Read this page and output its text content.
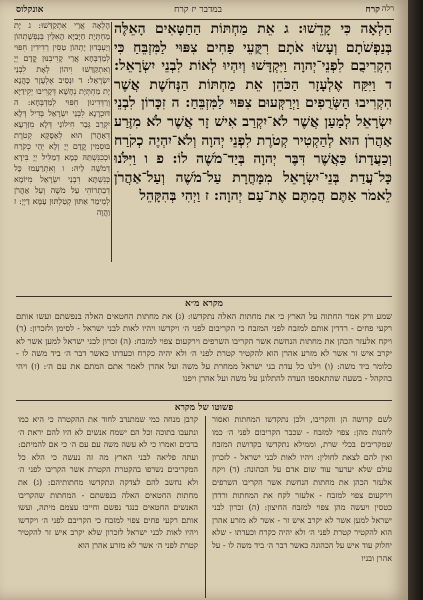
אונקלוס	במדבר יז קרח	קרח רלה
הָלְאָה אֲרֵי אִתְקַדַּשׁוּ: ג יָת מַחְתְּיָת חַיָּבַיָּא הָאִלֵּין בְּנַפְשָׁתְהוֹן וְיַעְבְּדוּן יָתְהוֹן טַסִּין רְדִידִין חִפּוּי לְמַדְבְּחָא אֲרֵי קָרִיבִנּוּן קֳדָם יְיָ וְאִתְקַדַּשׁוּ וִיהוֹן לְאָת לִבְנֵי יִשְׂרָאֵל: ד וּנְסֵיב אֶלְעָזָר כָּהֲנָא יָת מַחְתְּיָת נְחָשָׁא דְּקָרִיבוּ יְקִידַיָּא וְרַדְּדִינוּן חִפּוּי לְמַדְבְּחָא: ה דּוּכְרָנָא לִבְנֵי יִשְׂרָאֵל בְּדִיל דְּלָא יִקְרַב גְּבַר חִילוֹנַי דְּלָא מִזַּרְעָא דְאַהֲרֹן הוּא לְאַסָּקָא קְטֹרֶת בּוּסְמִין קֳדָם יְיָ וְלָא יְהֵי כְקֹרַח וּכְכִנִּשְׁתֵּהּ כְּמָא דְמַלִּיל יְיָ בִּידָא דְמֹשֶׁה לֵיהּ: ו וְאִתְרַעַמוּ כָּל כְּנִשְׁתָּא דִבְנֵי יִשְׂרָאֵל מִיּוֹמָא דְבַתְרוֹהִי עַל מֹשֶׁה וְעַל אַהֲרֹן לְמֵימַר אַתּוּן קְטַלְתּוּן עַמָּא דַיְיָ: ז וַהֲוָה
הַלְאָה כִּי קָדֵשׁוּ: ג אֵת מַחְתּוֹת הַחַטָּאִים הָאֵלֶּה בְּנַפְשֹׁתָם וְעָשׂוּ אֹתָם רִקֻּעֵי פַחִים צִפּוּי לַמִּזְבֵּחַ כִּי הִקְרִיבֻם לִפְנֵי־יְהוָה וַיִּקְדָּשׁוּ וְיִהְיוּ לְאוֹת לִבְנֵי יִשְׂרָאֵל: ד וַיִּקַּח אֶלְעָזָר הַכֹּהֵן אֵת מַחְתּוֹת הַנְּחֹשֶׁת אֲשֶׁר הִקְרִיבוּ הַשְּׂרֻפִים וַיְרַקְּעוּם צִפּוּי לַמִּזְבֵּחַ: ה זִכָּרוֹן לִבְנֵי יִשְׂרָאֵל לְמַעַן אֲשֶׁר לֹא־יִקְרַב אִישׁ זָר אֲשֶׁר לֹא מִזֶּרַע אַהֲרֹן הוּא לְהַקְטִיר קְטֹרֶת לִפְנֵי יְהוָה וְלֹא־יִהְיֶה כְקֹרַח וְכַעֲדָתוֹ כַּאֲשֶׁר דִּבֶּר יְהוָה בְּיַד־מֹשֶׁה לוֹ: פ ו וַיִּלֹּנוּ כָּל־עֲדַת בְּנֵי־יִשְׂרָאֵל מִמָּחֳרָת עַל־מֹשֶׁה וְעַל־אַהֲרֹן לֵאמֹר אַתֶּם הֲמִתֶּם אֶת־עַם יְהוָה: ז וַיְהִי בְּהִקָּהֵל
מקרא מ״א
שמע ורק אמר החתוה על הארץ כי את מחתות האלה נתקדשו: (ג) את מחתות החטאים האלה בנפשתם ועשו אותם רקעי פחים - רדדין אותם למזבח לפני המזבח כי הקריבום לפני ה׳ ויקדשו ויהיו לאות לבני ישראל - לסימן ולזכרון: (ד) ויקח אלעזר הכהן את מחתות הנחשת אשר הקריבו השרפים וירקעום צפוי למזבח: (ה) זכרון לבני ישראל למען אשר לא יקרב איש זר אשר לא מזרע אהרן הוא להקטיר קטרת לפני ה׳ ולא יהיה כקרח וכעדתו כאשר דבר ה׳ ביד משה לו - כלומר ביד משה: (ו) וילנו כל עדת בני ישראל ממחרת על משה ועל אהרן לאמר אתם המתם את עם ה׳: (ז) ויהי בהקהל - בשעה שהתאספו העדה להתלונן על משה ועל אהרן ויפנו
פשוטו של מקרא
לשם קדושה הן והקריבו, ולכן נתקדשו המחתות ואסור ליהנות מהן: צפוי למזבח - שכבר הקריבום לפני ה׳ כמו שמקריבים בכלי שרת, וממילא נתקדשו בקדושת המזבח ואין להם לצאת לחולין: ויהיו לאות לבני ישראל - לזכרון עולם שלא יערער עוד שום אדם על הכהונה: (ד) ויקח אלעזר הכהן את מחתות הנחשת אשר הקריבו השרפים וירקעום צפוי למזבח - אלעזר לקח את המחתות ורדדן כטסין ויעשה מהן צפוי למזבח החיצון: (ה) זכרון לבני ישראל למען אשר לא יקרב איש זר - אשר לא מזרע אהרן הוא להקטיר קטרת לפני ה׳ ולא יהיה כקרח וכעדתו - שלא יחלוק עוד איש על הכהונה כאשר דבר ה׳ ביד משה לו - על אהרן ובניו
קרבן מנחה כמי שמתנדב לחוד את ההקטרה כי היא כמו ונתעבו בתוכה וכל הם ישמח אנשים לא היו להם יראת ה׳ ברבים ואמרו כי לא עשה משה עם עם ה׳ כי אם להמיתם: ועתה פליאה לבני הארץ מה זה נעשה כי הלא כל המקריבים נשרפו בהקטרת הקטרת אשר הקריבו לפני ה׳ ולא נחשב להם לצדקה ונתקדשו מחתותיהם: (ג) את מחתות החטאים האלה בנפשתם - המחתות שהקריבו האנשים החטאים כנגד נפשם וחייבו עצמם מיתה, ועשו אותם רקעי פחים צפוי למזבח כי הקריבם לפני ה׳ ויקדשו ויהיו לאות לבני ישראל לזכרון שלא יקרב איש זר להקטיר קטרת לפני ה׳ אשר לא מזרע אהרן הוא
